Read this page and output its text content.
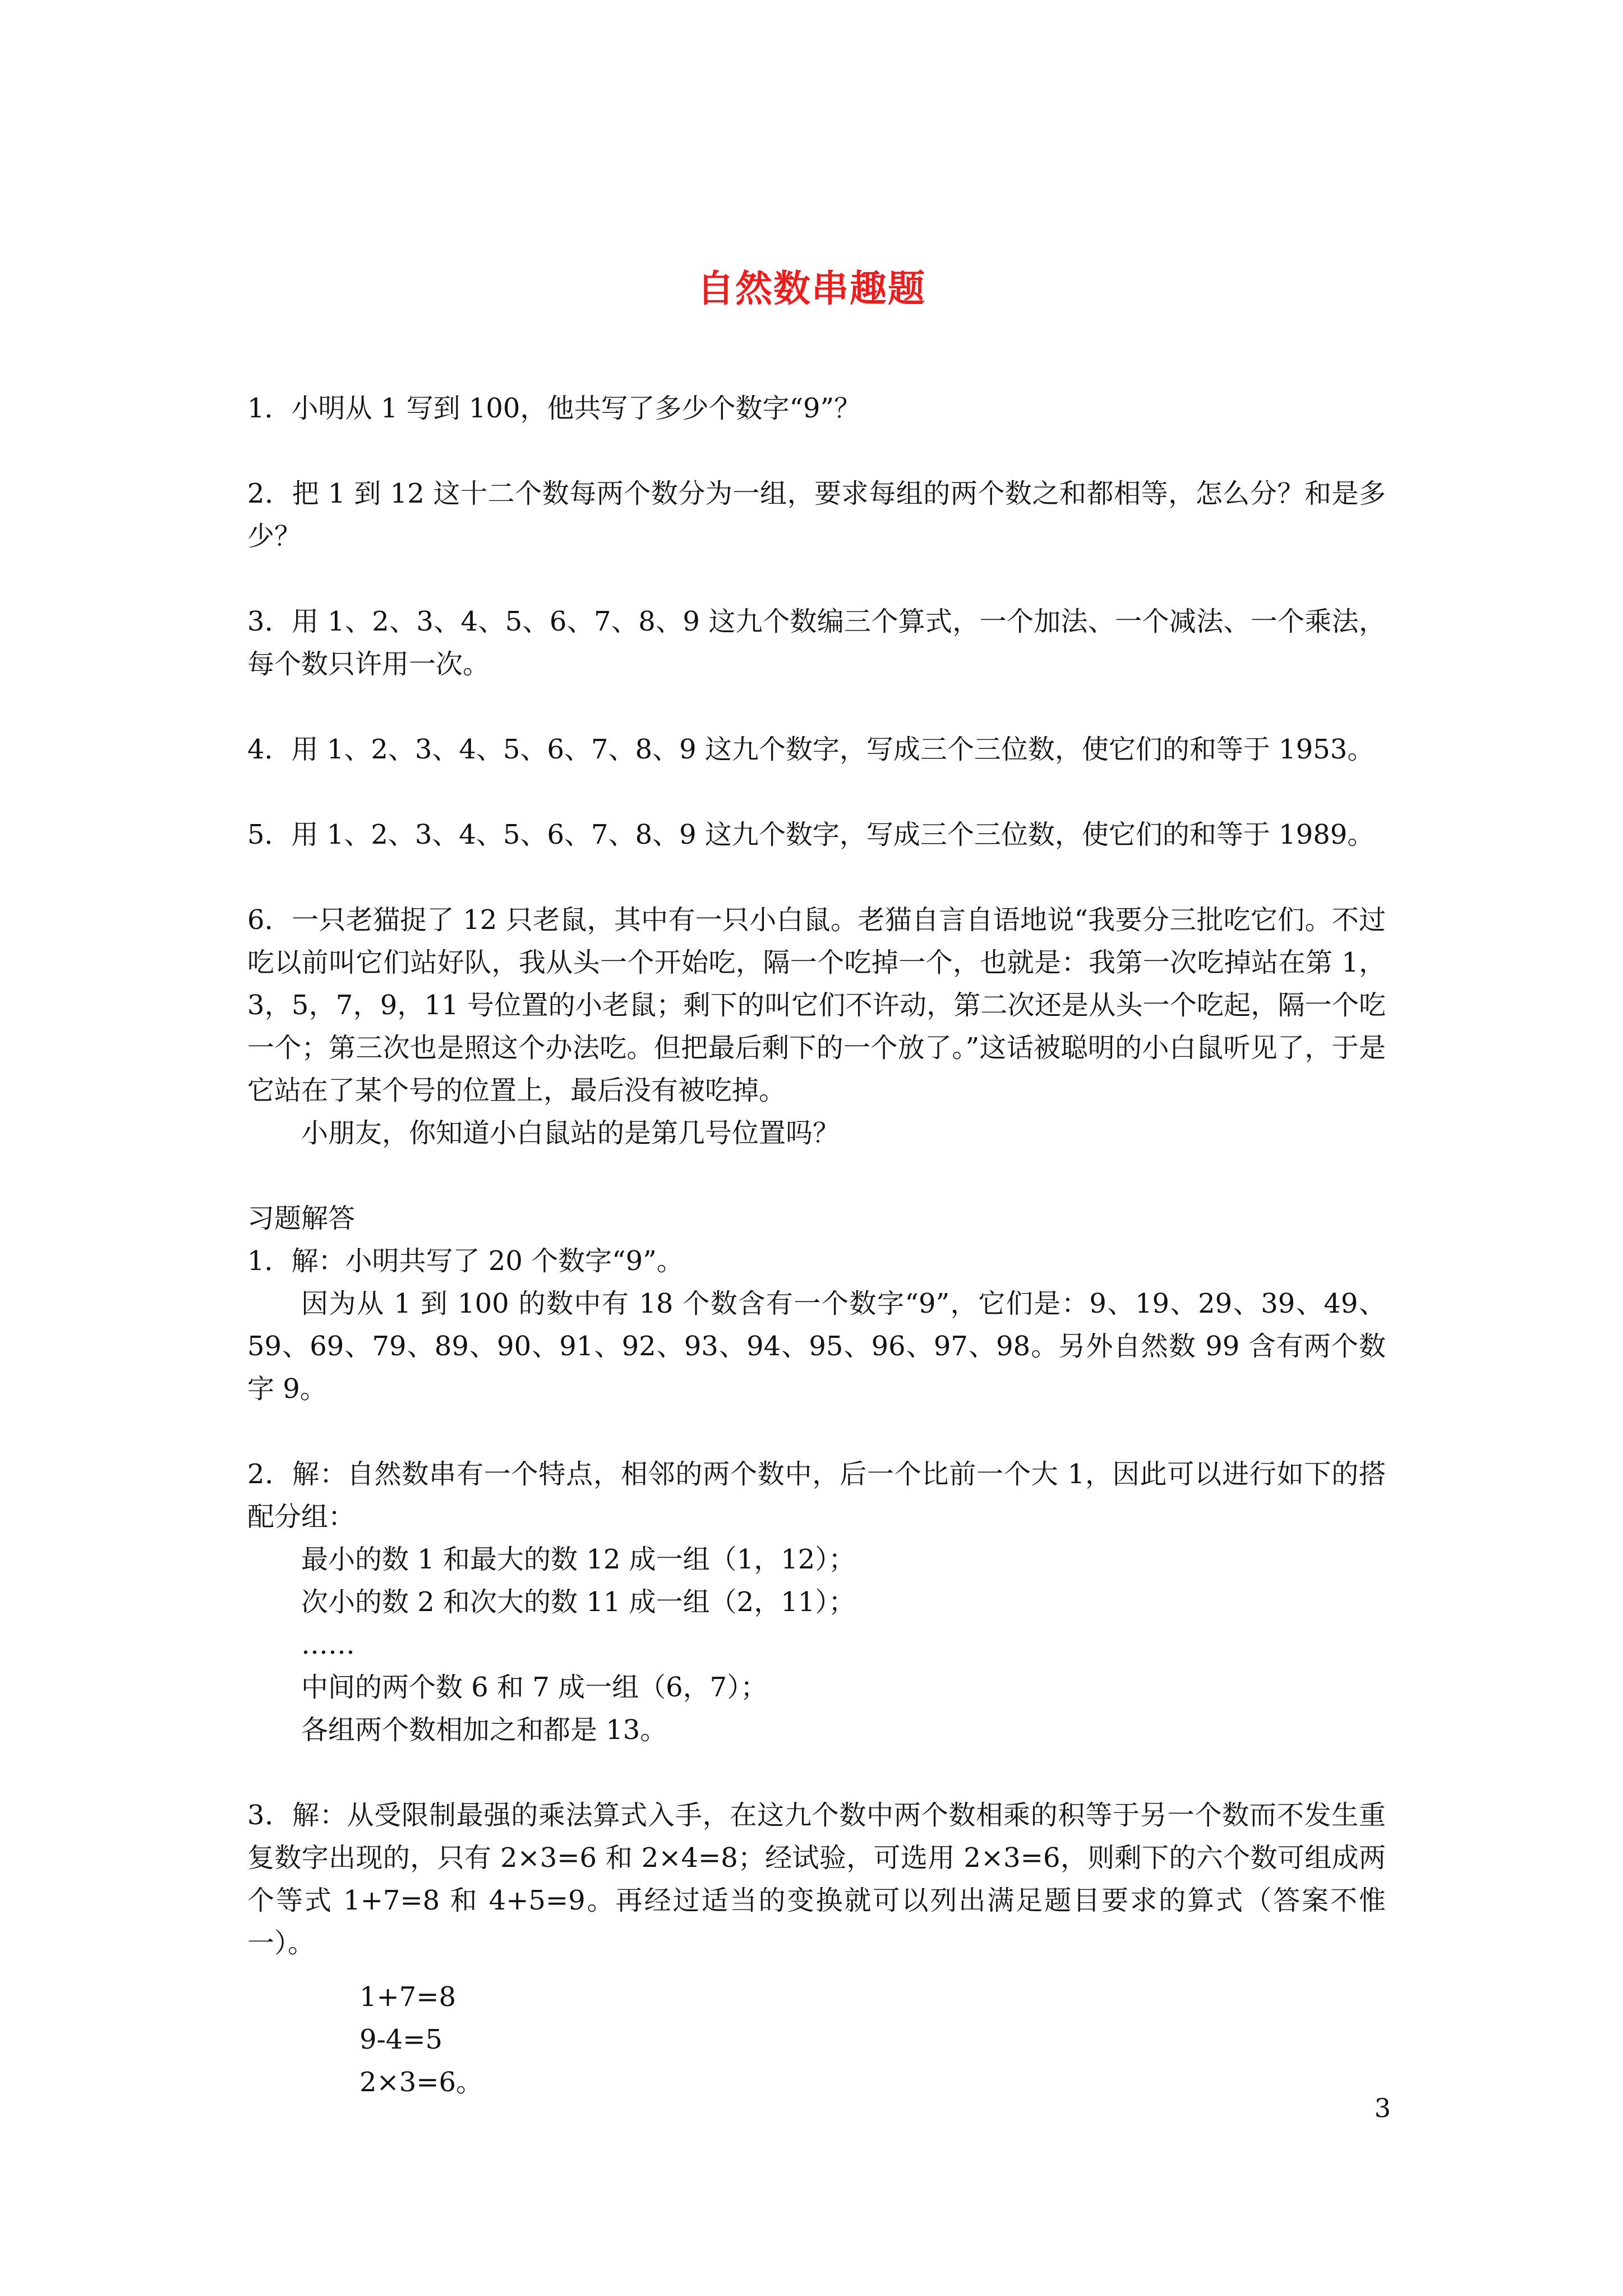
自然数串趣题

1．小明从 1 写到 100，他共写了多少个数字“9”？

2．把 1 到 12 这十二个数每两个数分为一组，要求每组的两个数之和都相等，怎么分？和是多少？

3．用 1、2、3、4、5、6、7、8、9 这九个数编三个算式，一个加法、一个减法、一个乘法，每个数只许用一次。

4．用 1、2、3、4、5、6、7、8、9 这九个数字，写成三个三位数，使它们的和等于 1953。

5．用 1、2、3、4、5、6、7、8、9 这九个数字，写成三个三位数，使它们的和等于 1989。

6．一只老猫捉了 12 只老鼠，其中有一只小白鼠。老猫自言自语地说“我要分三批吃它们。不过吃以前叫它们站好队，我从头一个开始吃，隔一个吃掉一个，也就是：我第一次吃掉站在第 1，3，5，7，9，11 号位置的小老鼠；剩下的叫它们不许动，第二次还是从头一个吃起，隔一个吃一个；第三次也是照这个办法吃。但把最后剩下的一个放了。”这话被聪明的小白鼠听见了，于是它站在了某个号的位置上，最后没有被吃掉。

小朋友，你知道小白鼠站的是第几号位置吗？

习题解答

1．解：小明共写了 20 个数字“9”。

因为从 1 到 100 的数中有 18 个数含有一个数字“9”，它们是：9、19、29、39、49、59、69、79、89、90、91、92、93、94、95、96、97、98。另外自然数 99 含有两个数字 9。

2．解：自然数串有一个特点，相邻的两个数中，后一个比前一个大 1，因此可以进行如下的搭配分组：

最小的数 1 和最大的数 12 成一组（1，12）；

次小的数 2 和次大的数 11 成一组（2，11）；

……

中间的两个数 6 和 7 成一组（6，7）；

各组两个数相加之和都是 13。

3．解：从受限制最强的乘法算式入手，在这九个数中两个数相乘的积等于另一个数而不发生重复数字出现的，只有 2×3=6 和 2×4=8；经试验，可选用 2×3=6，则剩下的六个数可组成两个等式 1+7=8 和 4+5=9。再经过适当的变换就可以列出满足题目要求的算式（答案不惟一）。

1+7=8

9-4=5

2×3=6。

3
